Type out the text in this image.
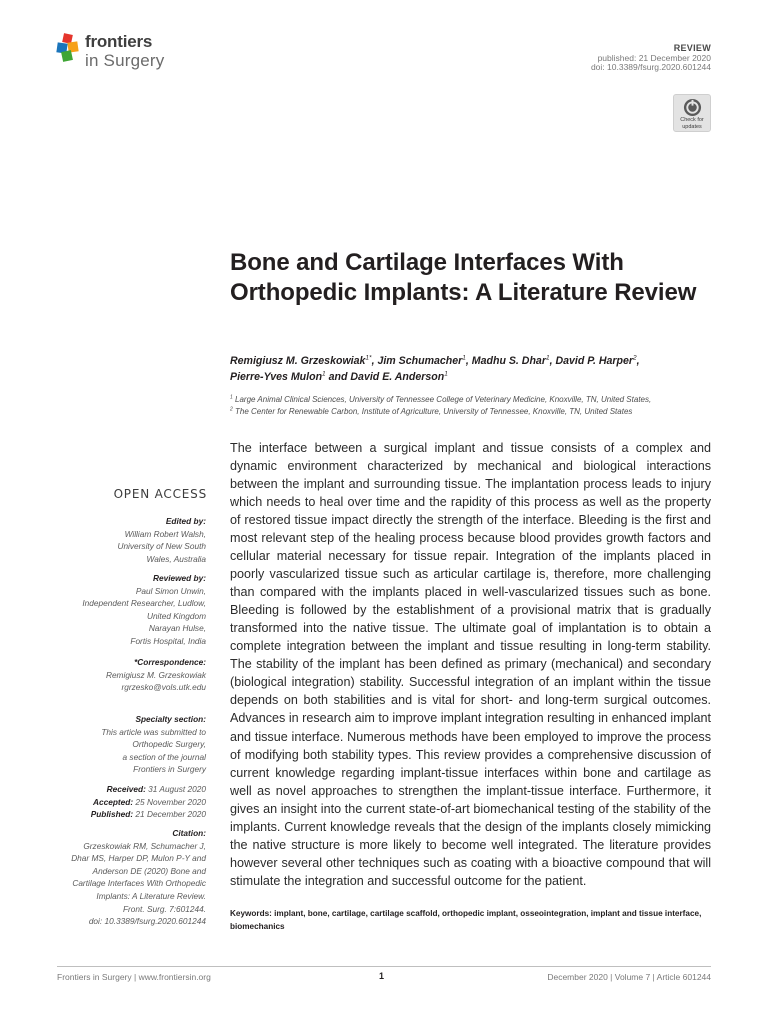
frontiers
in Surgery
REVIEW
published: 21 December 2020
doi: 10.3389/fsurg.2020.601244
Check for
updates
OPEN ACCESS
Edited by:
William Robert Walsh,
University of New South
Wales, Australia
Reviewed by:
Paul Simon Unwin,
Independent Researcher, Ludlow,
United Kingdom
Narayan Hulse,
Fortis Hospital, India
*Correspondence:
Remigiusz M. Grzeskowiak
rgrzesko@vols.utk.edu
Specialty section:
This article was submitted to
Orthopedic Surgery,
a section of the journal
Frontiers in Surgery
Received: 31 August 2020
Accepted: 25 November 2020
Published: 21 December 2020
Citation:
Grzeskowiak RM, Schumacher J,
Dhar MS, Harper DP, Mulon P-Y and
Anderson DE (2020) Bone and
Cartilage Interfaces With Orthopedic
Implants: A Literature Review.
Front. Surg. 7:601244.
doi: 10.3389/fsurg.2020.601244
Bone and Cartilage Interfaces With Orthopedic Implants: A Literature Review
Remigiusz M. Grzeskowiak$^{1*}$, Jim Schumacher$^1$, Madhu S. Dhar$^1$, David P. Harper$^2$,
Pierre-Yves Mulon$^1$ and David E. Anderson$^1$
$^1$ Large Animal Clinical Sciences, University of Tennessee College of Veterinary Medicine, Knoxville, TN, United States,
$^2$ The Center for Renewable Carbon, Institute of Agriculture, University of Tennessee, Knoxville, TN, United States

The interface between a surgical implant and tissue consists of a complex and dynamic environment characterized by mechanical and biological interactions between the implant and surrounding tissue. The implantation process leads to injury which needs to heal over time and the rapidity of this process as well as the property of restored tissue impact directly the strength of the interface. Bleeding is the first and most relevant step of the healing process because blood provides growth factors and cellular material necessary for tissue repair. Integration of the implants placed in poorly vascularized tissue such as articular cartilage is, therefore, more challenging than compared with the implants placed in well-vascularized tissues such as bone. Bleeding is followed by the establishment of a provisional matrix that is gradually transformed into the native tissue. The ultimate goal of implantation is to obtain a complete integration between the implant and tissue resulting in long-term stability. The stability of the implant has been defined as primary (mechanical) and secondary (biological integration) stability. Successful integration of an implant within the tissue depends on both stabilities and is vital for short- and long-term surgical outcomes. Advances in research aim to improve implant integration resulting in enhanced implant and tissue interface. Numerous methods have been employed to improve the process of modifying both stability types. This review provides a comprehensive discussion of current knowledge regarding implant-tissue interfaces within bone and cartilage as well as novel approaches to strengthen the implant-tissue interface. Furthermore, it gives an insight into the current state-of-art biomechanical testing of the stability of the implants. Current knowledge reveals that the design of the implants closely mimicking the native structure is more likely to become well integrated. The literature provides however several other techniques such as coating with a bioactive compound that will stimulate the integration and successful outcome for the patient.

Keywords: implant, bone, cartilage, cartilage scaffold, orthopedic implant, osseointegration, implant and tissue interface, biomechanics
Frontiers in Surgery | www.frontiersin.org	1	December 2020 | Volume 7 | Article 601244
